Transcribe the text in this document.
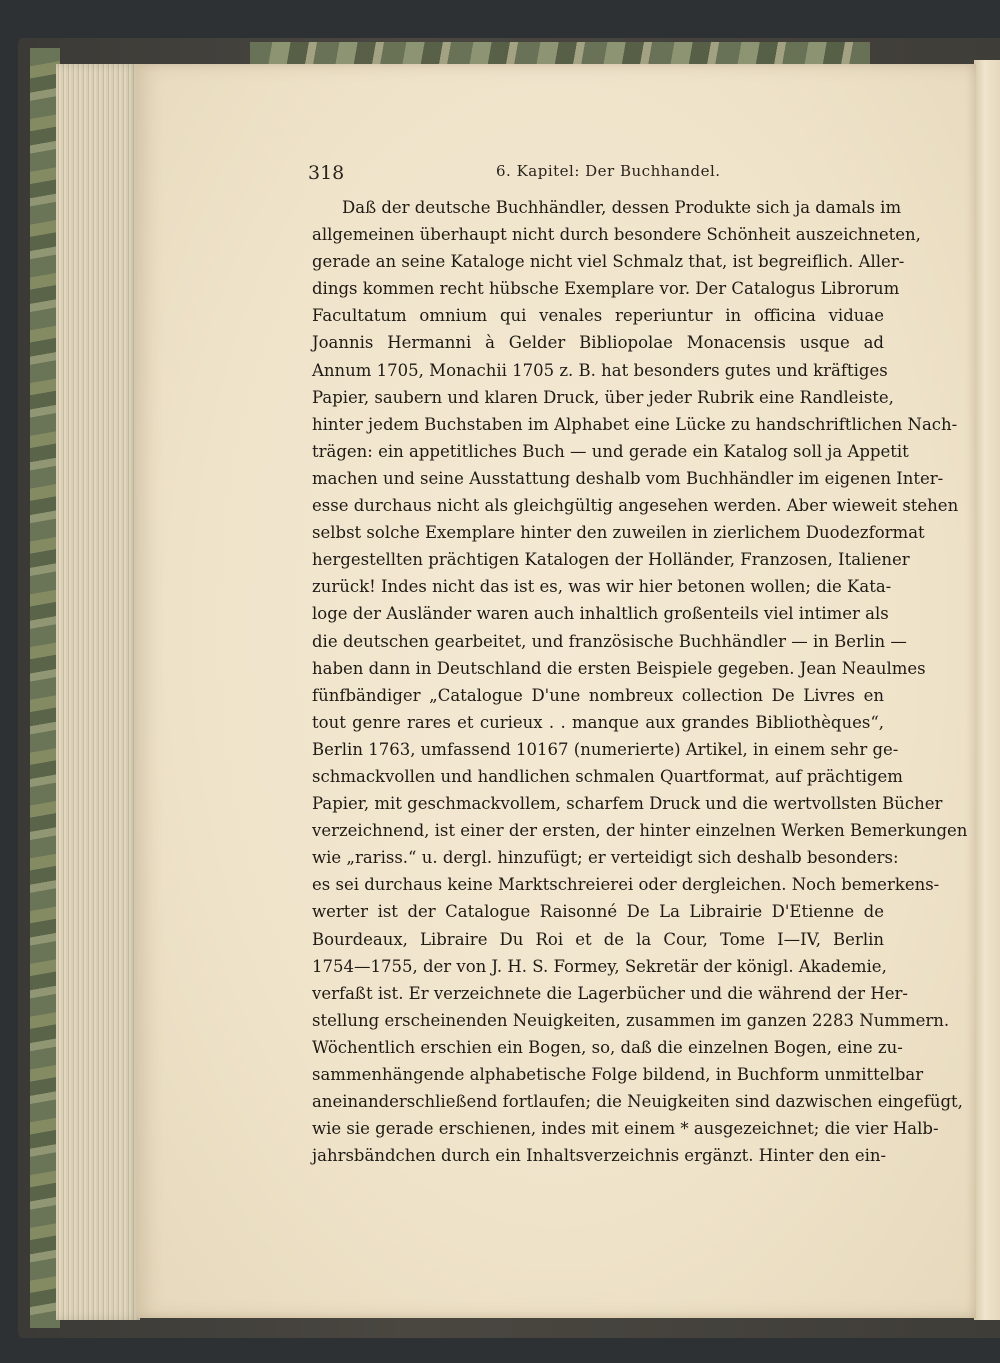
318	6. Kapitel: Der Buchhandel.
Daß der deutsche Buchhändler, dessen Produkte sich ja damals im
allgemeinen überhaupt nicht durch besondere Schönheit auszeichneten,
gerade an seine Kataloge nicht viel Schmalz that, ist begreiflich. Aller-
dings kommen recht hübsche Exemplare vor. Der Catalogus Librorum
Facultatum omnium qui venales reperiuntur in officina viduae
Joannis Hermanni à Gelder Bibliopolae Monacensis usque ad
Annum 1705, Monachii 1705 z. B. hat besonders gutes und kräftiges
Papier, saubern und klaren Druck, über jeder Rubrik eine Randleiste,
hinter jedem Buchstaben im Alphabet eine Lücke zu handschriftlichen Nach-
trägen: ein appetitliches Buch — und gerade ein Katalog soll ja Appetit
machen und seine Ausstattung deshalb vom Buchhändler im eigenen Inter-
esse durchaus nicht als gleichgültig angesehen werden. Aber wieweit stehen
selbst solche Exemplare hinter den zuweilen in zierlichem Duodezformat
hergestellten prächtigen Katalogen der Holländer, Franzosen, Italiener
zurück! Indes nicht das ist es, was wir hier betonen wollen; die Kata-
loge der Ausländer waren auch inhaltlich großenteils viel intimer als
die deutschen gearbeitet, und französische Buchhändler — in Berlin —
haben dann in Deutschland die ersten Beispiele gegeben. Jean Neaulmes
fünfbändiger „Catalogue D'une nombreux collection De Livres en
tout genre rares et curieux . . manque aux grandes Bibliothèques“,
Berlin 1763, umfassend 10167 (numerierte) Artikel, in einem sehr ge-
schmackvollen und handlichen schmalen Quartformat, auf prächtigem
Papier, mit geschmackvollem, scharfem Druck und die wertvollsten Bücher
verzeichnend, ist einer der ersten, der hinter einzelnen Werken Bemerkungen
wie „rariss.“ u. dergl. hinzufügt; er verteidigt sich deshalb besonders:
es sei durchaus keine Marktschreierei oder dergleichen. Noch bemerkens-
werter ist der Catalogue Raisonné De La Librairie D'Etienne de
Bourdeaux, Libraire Du Roi et de la Cour, Tome I—IV, Berlin
1754—1755, der von J. H. S. Formey, Sekretär der königl. Akademie,
verfaßt ist. Er verzeichnete die Lagerbücher und die während der Her-
stellung erscheinenden Neuigkeiten, zusammen im ganzen 2283 Nummern.
Wöchentlich erschien ein Bogen, so, daß die einzelnen Bogen, eine zu-
sammenhängende alphabetische Folge bildend, in Buchform unmittelbar
aneinanderschließend fortlaufen; die Neuigkeiten sind dazwischen eingefügt,
wie sie gerade erschienen, indes mit einem * ausgezeichnet; die vier Halb-
jahrsbändchen durch ein Inhaltsverzeichnis ergänzt. Hinter den ein-
